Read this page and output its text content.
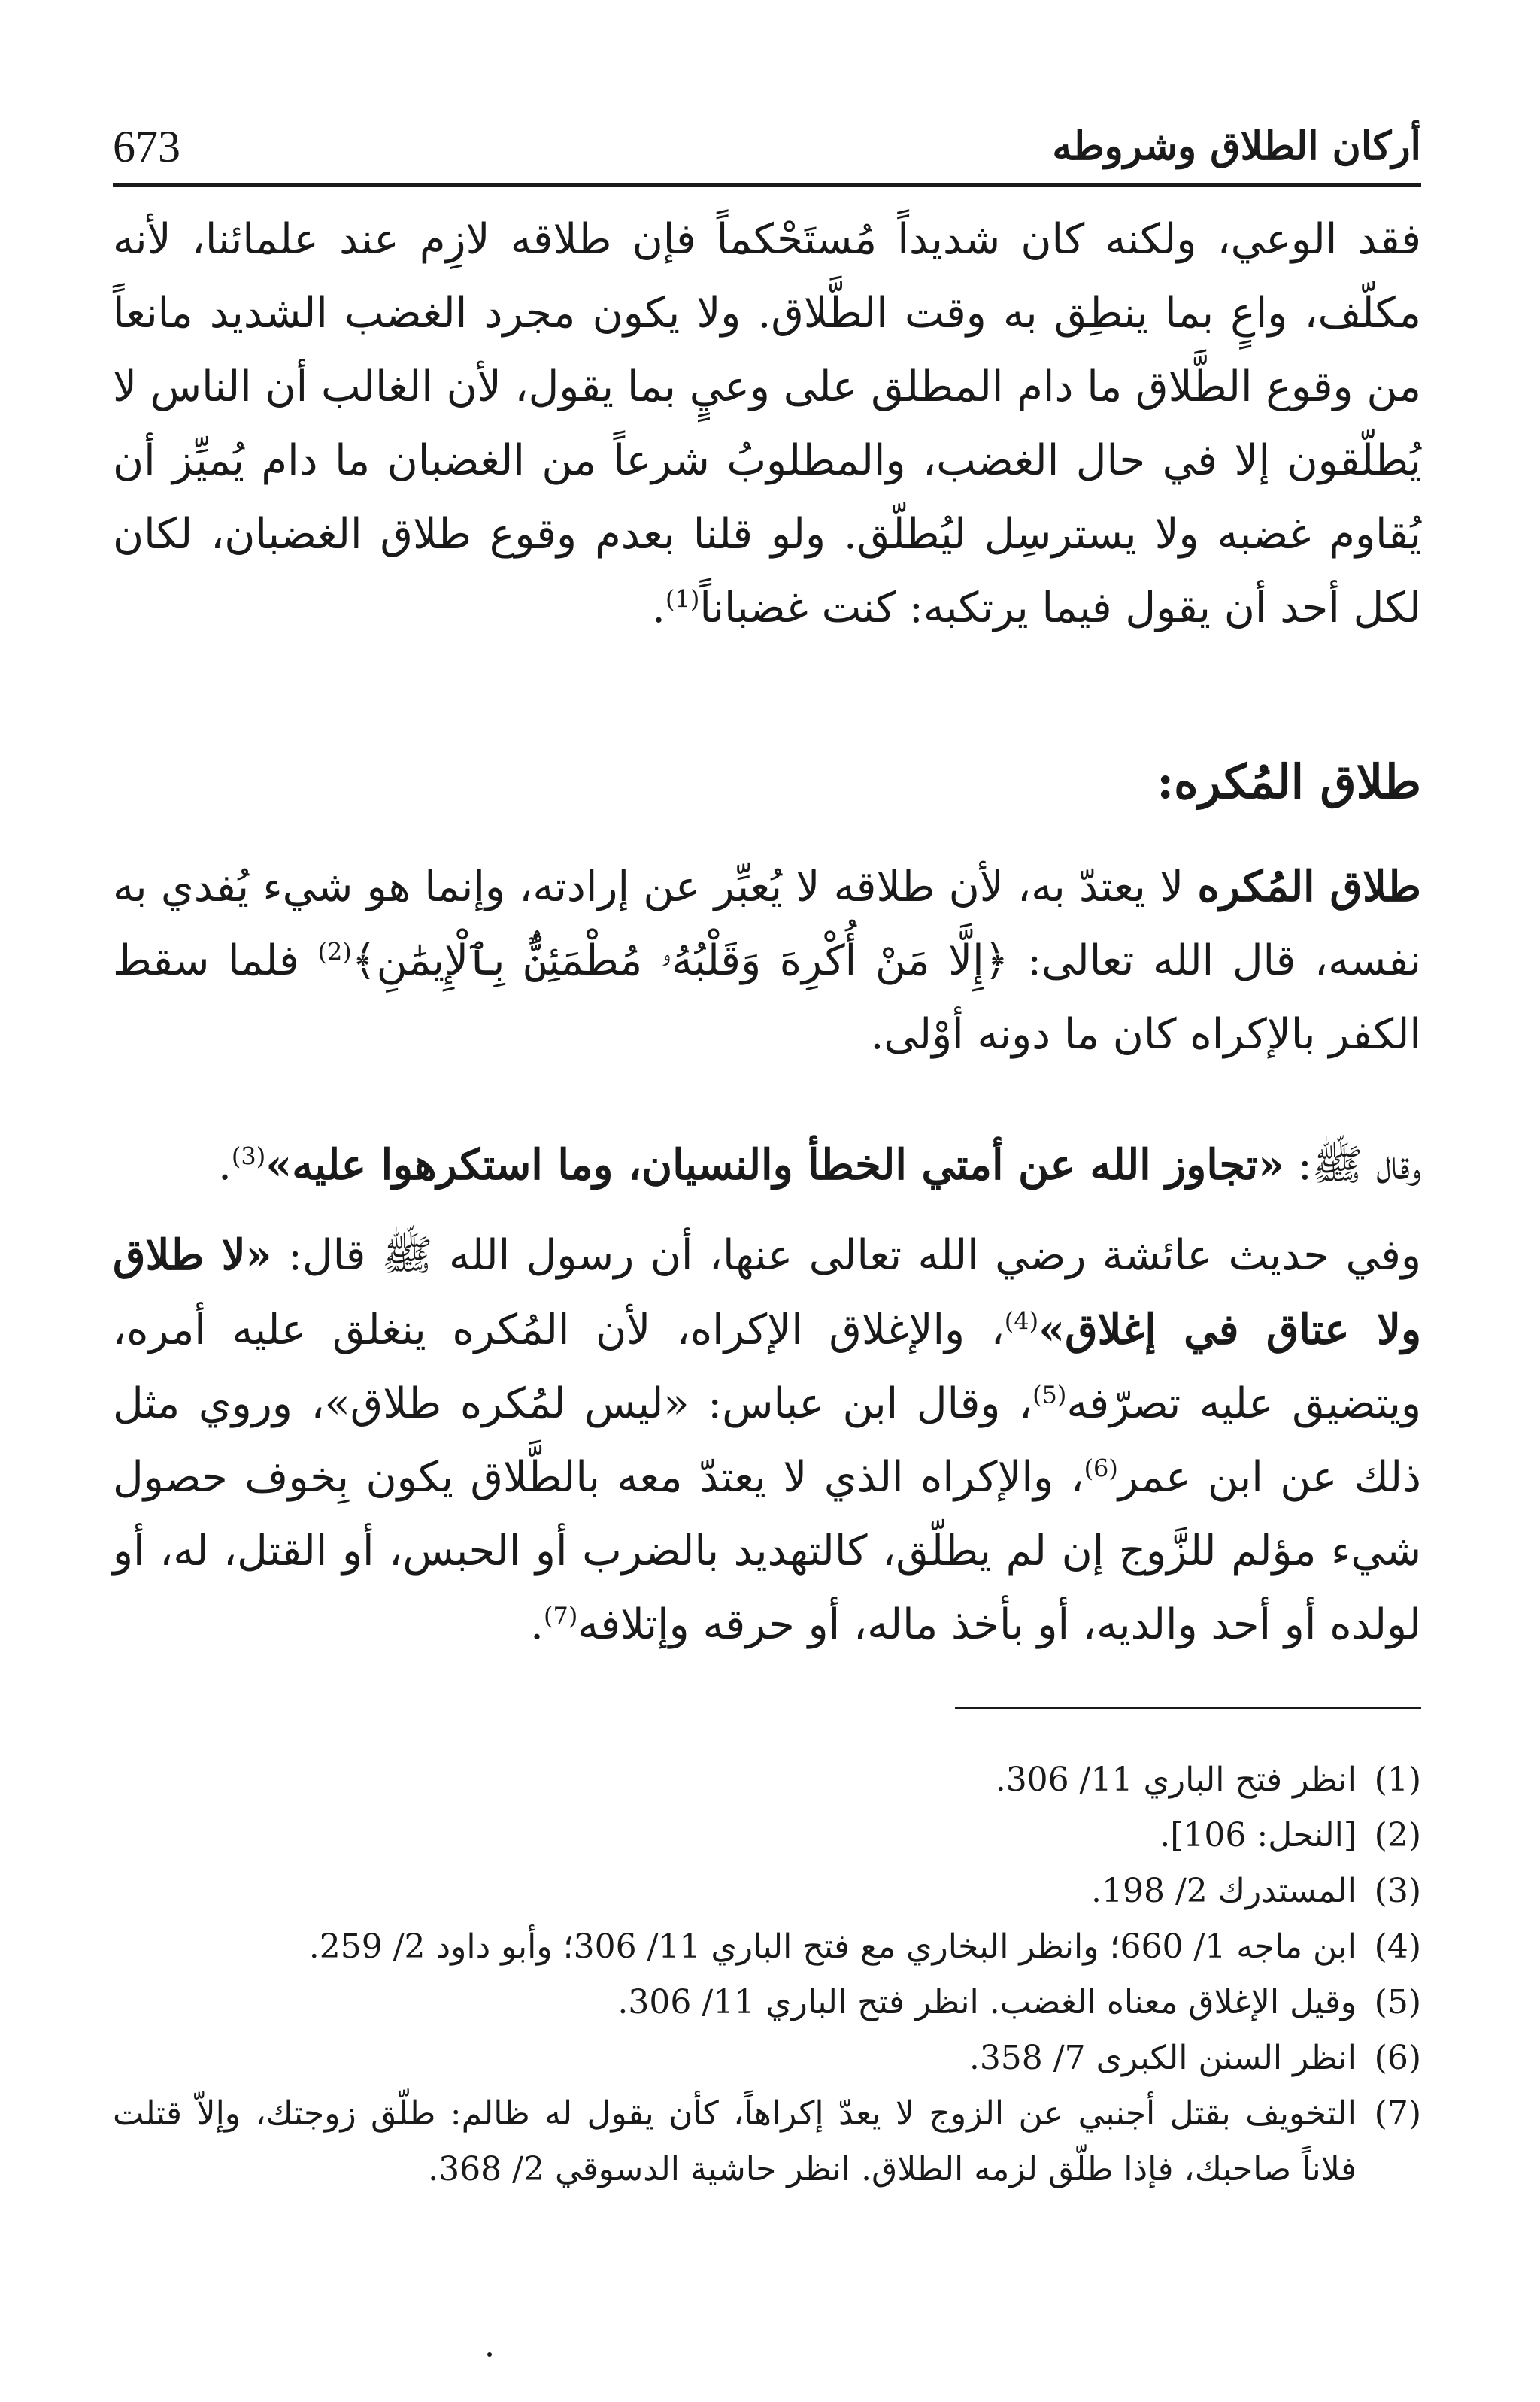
673	أركان الطلاق وشروطه

فقد الوعي، ولكنه كان شديداً مُستَحْكماً فإن طلاقه لازِم عند علمائنا، لأنه مكلّف، واعٍ بما ينطِق به وقت الطَّلاق. ولا يكون مجرد الغضب الشديد مانعاً من وقوع الطَّلاق ما دام المطلق على وعيٍ بما يقول، لأن الغالب أن الناس لا يُطلّقون إلا في حال الغضب، والمطلوبُ شرعاً من الغضبان ما دام يُميِّز أن يُقاوم غضبه ولا يسترسِل ليُطلّق. ولو قلنا بعدم وقوع طلاق الغضبان، لكان لكل أحد أن يقول فيما يرتكبه: كنت غضباناً$^{(1)}$.

طلاق المُكره:

طلاق المُكره لا يعتدّ به، لأن طلاقه لا يُعبِّر عن إرادته، وإنما هو شيء يُفدي به نفسه، قال الله تعالى: ﴿إِلَّا مَنْ أُكْرِهَ وَقَلْبُهُۥ مُطْمَئِنٌّۢ بِٱلْإِيمَٰنِ﴾$^{(2)}$ فلما سقط الكفر بالإكراه كان ما دونه أوْلى.

وقال ﷺ: «تجاوز الله عن أمتي الخطأ والنسيان، وما استكرهوا عليه»$^{(3)}$.

وفي حديث عائشة رضي الله تعالى عنها، أن رسول الله ﷺ قال: «لا طلاق ولا عتاق في إغلاق»$^{(4)}$، والإغلاق الإكراه، لأن المُكره ينغلق عليه أمره، ويتضيق عليه تصرّفه$^{(5)}$، وقال ابن عباس: «ليس لمُكره طلاق»، وروي مثل ذلك عن ابن عمر$^{(6)}$، والإكراه الذي لا يعتدّ معه بالطَّلاق يكون بِخوف حصول شيء مؤلم للزَّوج إن لم يطلّق، كالتهديد بالضرب أو الحبس، أو القتل، له، أو لولده أو أحد والديه، أو بأخذ ماله، أو حرقه وإتلافه$^{(7)}$.

(1)
انظر فتح الباري 11/ 306.
(2)
[النحل: 106].
(3)
المستدرك 2/ 198.
(4)
ابن ماجه 1/ 660؛ وانظر البخاري مع فتح الباري 11/ 306؛ وأبو داود 2/ 259.
(5)
وقيل الإغلاق معناه الغضب. انظر فتح الباري 11/ 306.
(6)
انظر السنن الكبرى 7/ 358.
(7)
التخويف بقتل أجنبي عن الزوج لا يعدّ إكراهاً، كأن يقول له ظالم: طلّق زوجتك، وإلاّ قتلت فلاناً صاحبك، فإذا طلّق لزمه الطلاق. انظر حاشية الدسوقي 2/ 368.
